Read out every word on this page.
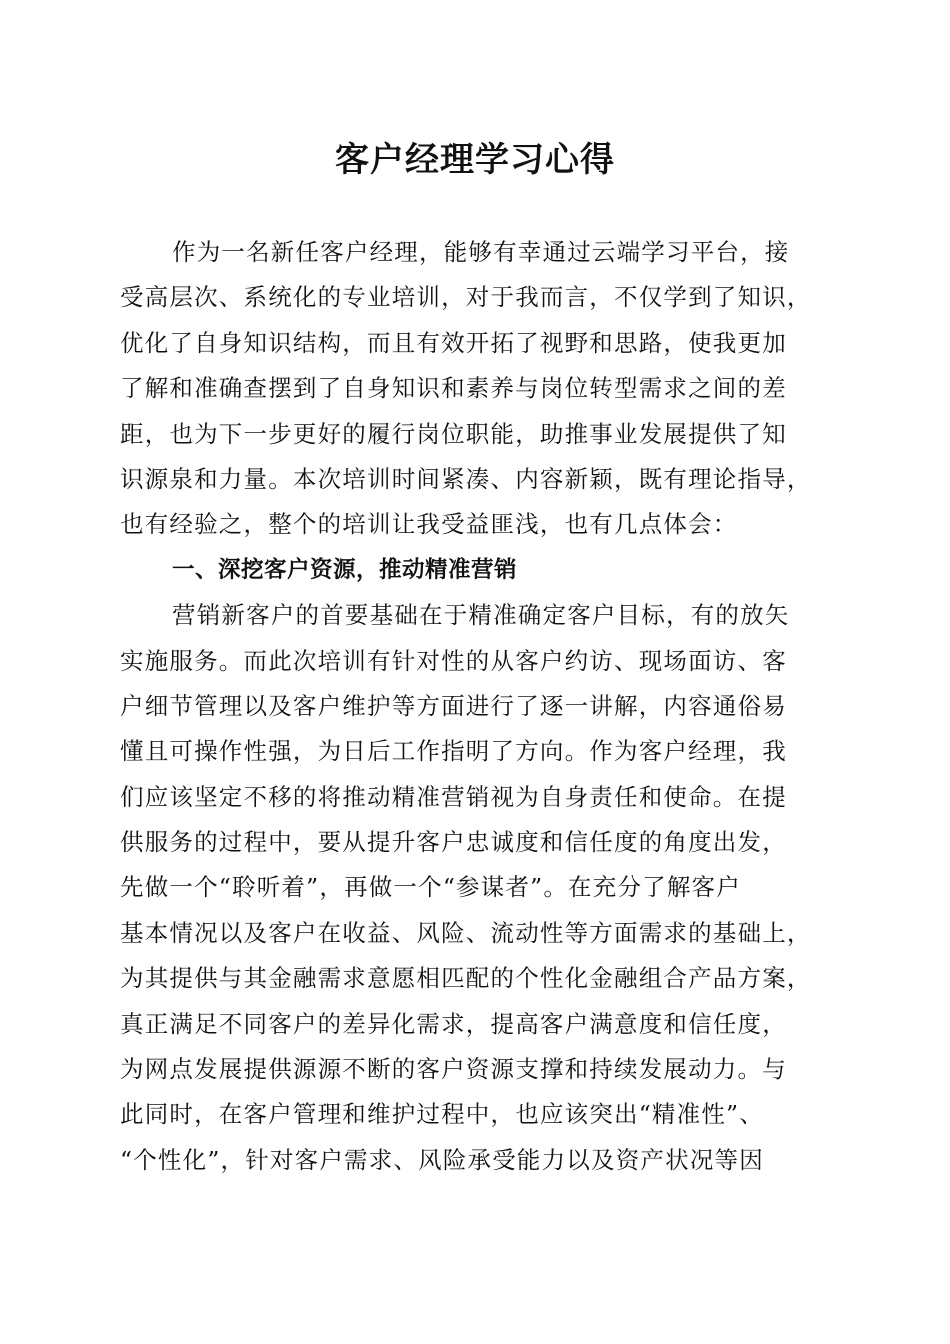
客户经理学习心得
作为一名新任客户经理，能够有幸通过云端学习平台，接
受高层次、系统化的专业培训，对于我而言，不仅学到了知识，
优化了自身知识结构，而且有效开拓了视野和思路，使我更加
了解和准确查摆到了自身知识和素养与岗位转型需求之间的差
距，也为下一步更好的履行岗位职能，助推事业发展提供了知
识源泉和力量。本次培训时间紧凑、内容新颖，既有理论指导，
也有经验之，整个的培训让我受益匪浅，也有几点体会：
一、深挖客户资源，推动精准营销
营销新客户的首要基础在于精准确定客户目标，有的放矢
实施服务。而此次培训有针对性的从客户约访、现场面访、客
户细节管理以及客户维护等方面进行了逐一讲解，内容通俗易
懂且可操作性强，为日后工作指明了方向。作为客户经理，我
们应该坚定不移的将推动精准营销视为自身责任和使命。在提
供服务的过程中，要从提升客户忠诚度和信任度的角度出发，
先做一个“聆听着”，再做一个“参谋者”。在充分了解客户
基本情况以及客户在收益、风险、流动性等方面需求的基础上，
为其提供与其金融需求意愿相匹配的个性化金融组合产品方案，
真正满足不同客户的差异化需求，提高客户满意度和信任度，
为网点发展提供源源不断的客户资源支撑和持续发展动力。与
此同时，在客户管理和维护过程中，也应该突出“精准性”、
“个性化”，针对客户需求、风险承受能力以及资产状况等因
